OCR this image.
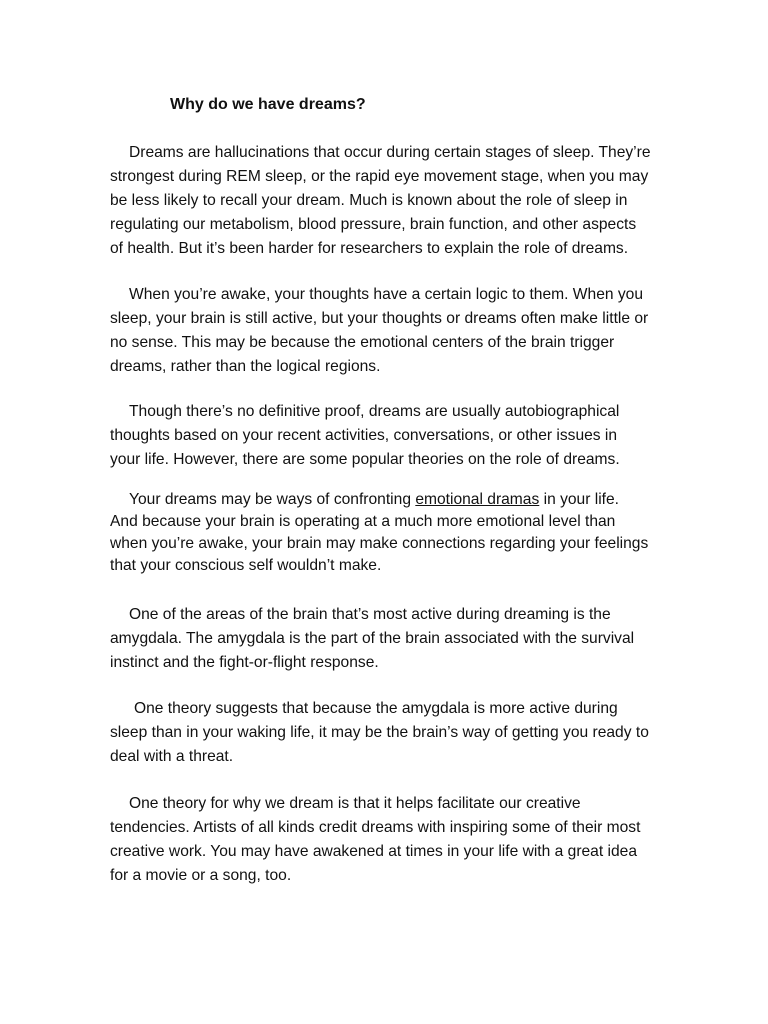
Why do we have dreams?

Dreams are hallucinations that occur during certain stages of sleep. They’re
strongest during REM sleep, or the rapid eye movement stage, when you may
be less likely to recall your dream. Much is known about the role of sleep in
regulating our metabolism, blood pressure, brain function, and other aspects
of health. But it’s been harder for researchers to explain the role of dreams.

When you’re awake, your thoughts have a certain logic to them. When you
sleep, your brain is still active, but your thoughts or dreams often make little or
no sense. This may be because the emotional centers of the brain trigger
dreams, rather than the logical regions.

Though there’s no definitive proof, dreams are usually autobiographical
thoughts based on your recent activities, conversations, or other issues in
your life. However, there are some popular theories on the role of dreams.

Your dreams may be ways of confronting emotional dramas in your life.
And because your brain is operating at a much more emotional level than
when you’re awake, your brain may make connections regarding your feelings
that your conscious self wouldn’t make.

One of the areas of the brain that’s most active during dreaming is the
amygdala. The amygdala is the part of the brain associated with the survival
instinct and the fight-or-flight response.

One theory suggests that because the amygdala is more active during
sleep than in your waking life, it may be the brain’s way of getting you ready to
deal with a threat.

One theory for why we dream is that it helps facilitate our creative
tendencies. Artists of all kinds credit dreams with inspiring some of their most
creative work. You may have awakened at times in your life with a great idea
for a movie or a song, too.
